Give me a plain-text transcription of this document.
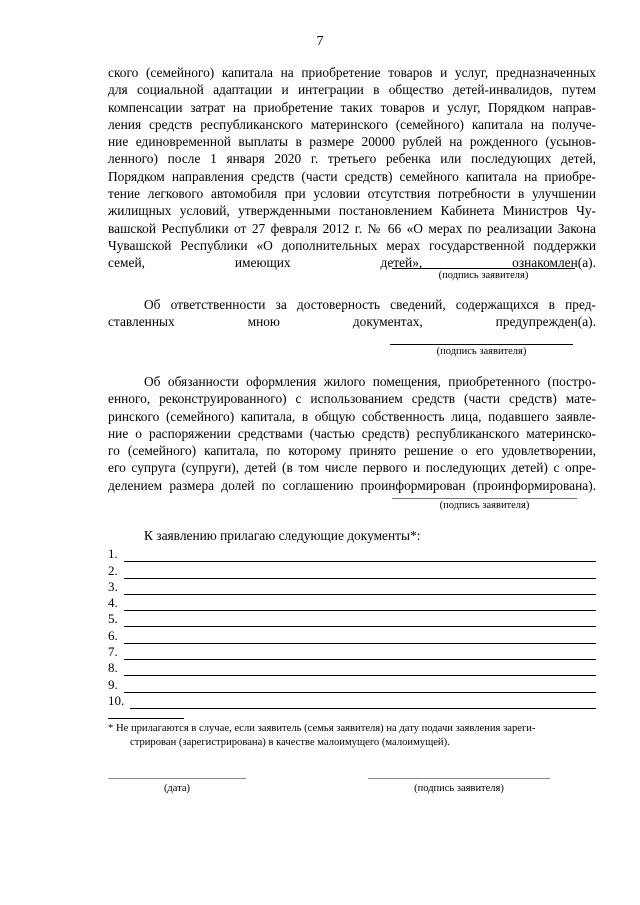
7
ского (семейного) капитала на приобретение товаров и услуг, предназначенных
для социальной адаптации и интеграции в общество детей-инвалидов, путем
компенсации затрат на приобретение таких товаров и услуг, Порядком направ-
ления средств республиканского материнского (семейного) капитала на получе-
ние единовременной выплаты в размере 20000 рублей на рожденного (усынов-
ленного) после 1 января 2020 г. третьего ребенка или последующих детей,
Порядком направления средств (части средств) семейного капитала на приобре-
тение легкового автомобиля при условии отсутствия потребности в улучшении
жилищных условий, утвержденными постановлением Кабинета Министров Чу-
вашской Республики от 27 февраля 2012 г. № 66 «О мерах по реализации Закона
Чувашской Республики «О дополнительных мерах государственной поддержки
семей, имеющих детей», ознакомлен(а).
(подпись заявителя)
Об ответственности за достоверность сведений, содержащихся в пред-
ставленных мною документах, предупрежден(а).
(подпись заявителя)
Об обязанности оформления жилого помещения, приобретенного (постро-
енного, реконструированного) с использованием средств (части средств) мате-
ринского (семейного) капитала, в общую собственность лица, подавшего заявле-
ние о распоряжении средствами (частью средств) республиканского материнско-
го (семейного) капитала, по которому принято решение о его удовлетворении,
его супруга (супруги), детей (в том числе первого и последующих детей) с опре-
делением размера долей по соглашению проинформирован (проинформирована).
(подпись заявителя)
К заявлению прилагаю следующие документы*:
1.
2.
3.
4.
5.
6.
7.
8.
9.
10.
* Не прилагаются в случае, если заявитель (семья заявителя) на дату подачи заявления зареги-
стрирован (зарегистрирована) в качестве малоимущего (малоимущей).
(дата)	(подпись заявителя)
